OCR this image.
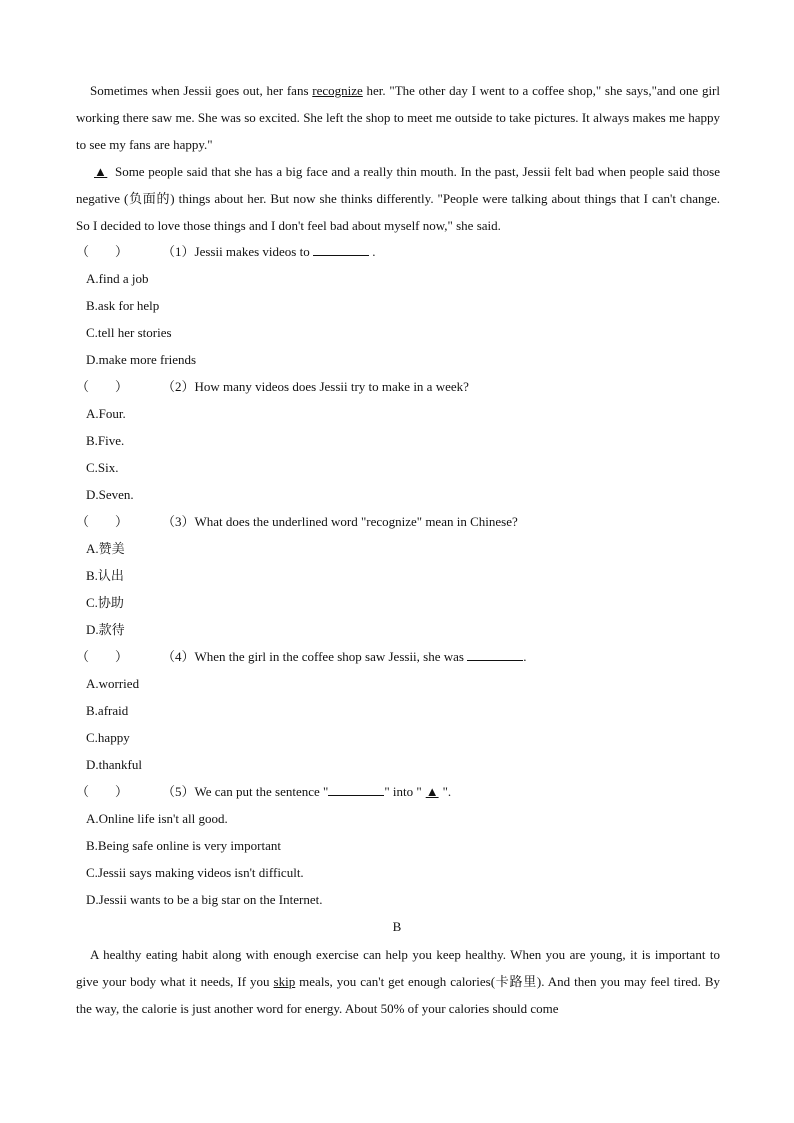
Sometimes when Jessii goes out, her fans recognize her. "The other day I went to a coffee shop," she says,"and one girl working there saw me. She was so excited. She left the shop to meet me outside to take pictures. It always makes me happy to see my fans are happy."

▲ Some people said that she has a big face and a really thin mouth. In the past, Jessii felt bad when people said those negative (负面的) things about her. But now she thinks differently. "People were talking about things that I can't change. So I decided to love those things and I don't feel bad about myself now," she said.

（　　）	（1）Jessii makes videos to	.
A.find a job
B.ask for help
C.tell her stories
D.make more friends
（　　）	（2）How many videos does Jessii try to make in a week?
A.Four.
B.Five.
C.Six.
D.Seven.
（　　）	（3）What does the underlined word "recognize" mean in Chinese?
A.赞美
B.认出
C.协助
D.款待
（　　）	（4）When the girl in the coffee shop saw Jessii, she was	.
A.worried
B.afraid
C.happy
D.thankful
（　　）	（5）We can put the sentence "	" into " ▲ ".
A.Online life isn't all good.
B.Being safe online is very important
C.Jessii says making videos isn't difficult.
D.Jessii wants to be a big star on the Internet.
B

A healthy eating habit along with enough exercise can help you keep healthy. When you are young, it is important to give your body what it needs, If you skip meals, you can't get enough calories(卡路里). And then you may feel tired. By the way, the calorie is just another word for energy. About 50% of your calories should come
